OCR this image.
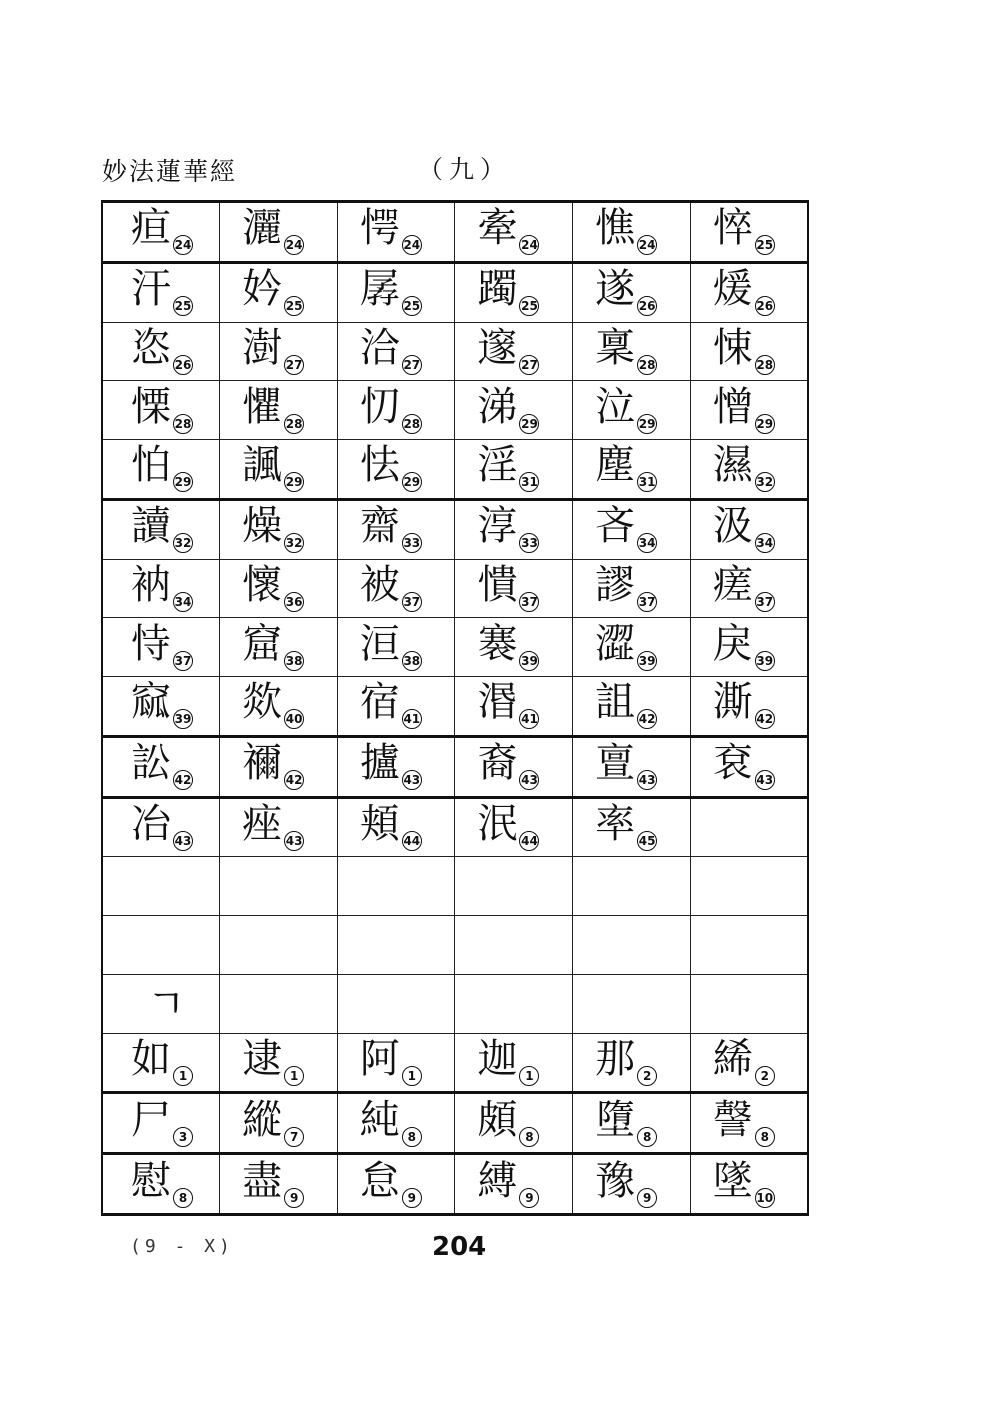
妙法蓮華經	（九）
疸 24	灑 24	愕 24	牽 24	憔 24	悴 25
汗 25	妗 25	孱 25	躅 25	遂 26	煖 26
恣 26	澍 27	洽 27	邃 27	稟 28	悚 28
慄 28	懼 28	忉 28	涕 29	泣 29	憎 29
怕 29	諷 29	怯 29	淫 31	塵 31	濕 32
讀 32	燥 32	齋 33	淳 33	吝 34	汲 34
衲 34	懷 36	被 37	憒 37	謬 37	瘥 37
恃 37	窟 38	洹 38	褰 39	澀 39	戾 39
窳 39	欻 40	宿 41	湣 41	詛 42	澌 42
訟 42	禰 42	攎 43	裔 43	亶 43	袞 43
冶 43	痤 43	頬 44	泯 44	率 45	

ㄱ					
如 1	逮 1	阿 1	迦 1	那 2	絺 2
尸 3	縱 7	純 8	頗 8	墮 8	謦 8
慰 8	盡 9	怠 9	縛 9	豫 9	墜 10
(9 - X)	204
